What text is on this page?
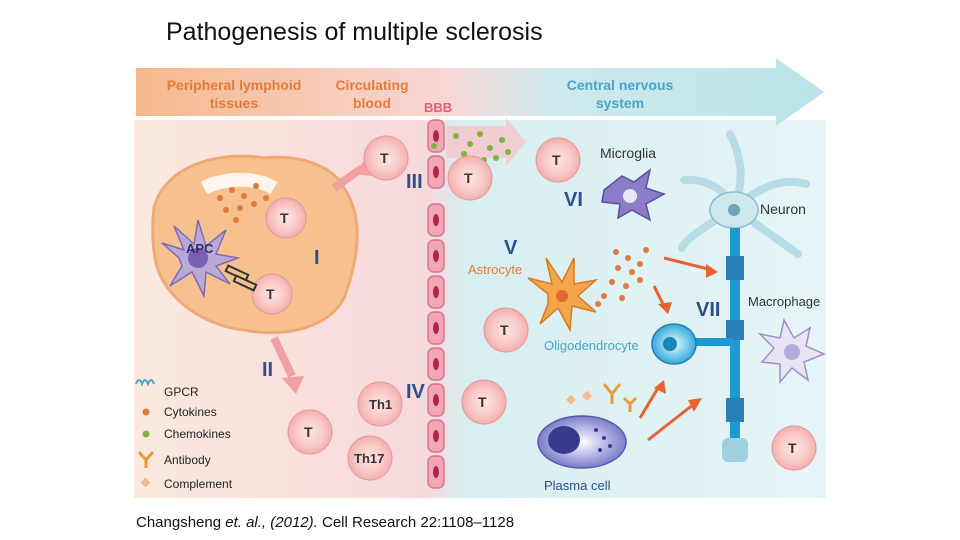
Pathogenesis of multiple sclerosis
Peripheral lymphoid
tissues
Circulating
blood
Central nervous
system
APC
T
T
I
II
T
T
Th1
Th17
BBB
T
III
IV
T
T
T
Microglia
VI	Neuron
Astrocyte
V
Oligodendrocyte
VII Macrophage
T
Plasma cell
GPCR
Cytokines
Chemokines
Antibody
Complement
Changsheng et. al., (2012). Cell Research 22:1108–1128
